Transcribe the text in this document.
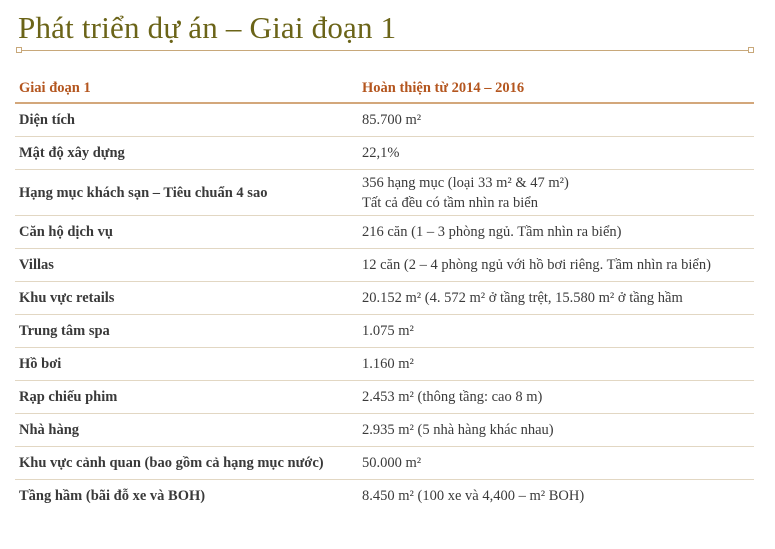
Phát triển dự án – Giai đoạn 1
Giai đoạn 1	Hoàn thiện từ 2014 – 2016
Diện tích	85.700 m²
Mật độ xây dựng	22,1%
Hạng mục khách sạn – Tiêu chuẩn 4 sao	356 hạng mục (loại 33 m² & 47 m²)
Tất cả đều có tầm nhìn ra biển

Căn hộ dịch vụ	216 căn (1 – 3 phòng ngủ. Tầm nhìn ra biển)
Villas	12 căn (2 – 4 phòng ngủ với hồ bơi riêng. Tầm nhìn ra biển)
Khu vực retails	20.152 m² (4. 572 m² ở tầng trệt, 15.580 m² ở tầng hầm
Trung tâm spa	1.075 m²
Hồ bơi	1.160 m²
Rạp chiếu phim	2.453 m² (thông tầng: cao 8 m)
Nhà hàng	2.935 m² (5 nhà hàng khác nhau)
Khu vực cảnh quan (bao gồm cả hạng mục nước)	50.000 m²
Tầng hầm (bãi đỗ xe và BOH)	8.450 m² (100 xe và 4,400 – m² BOH)
